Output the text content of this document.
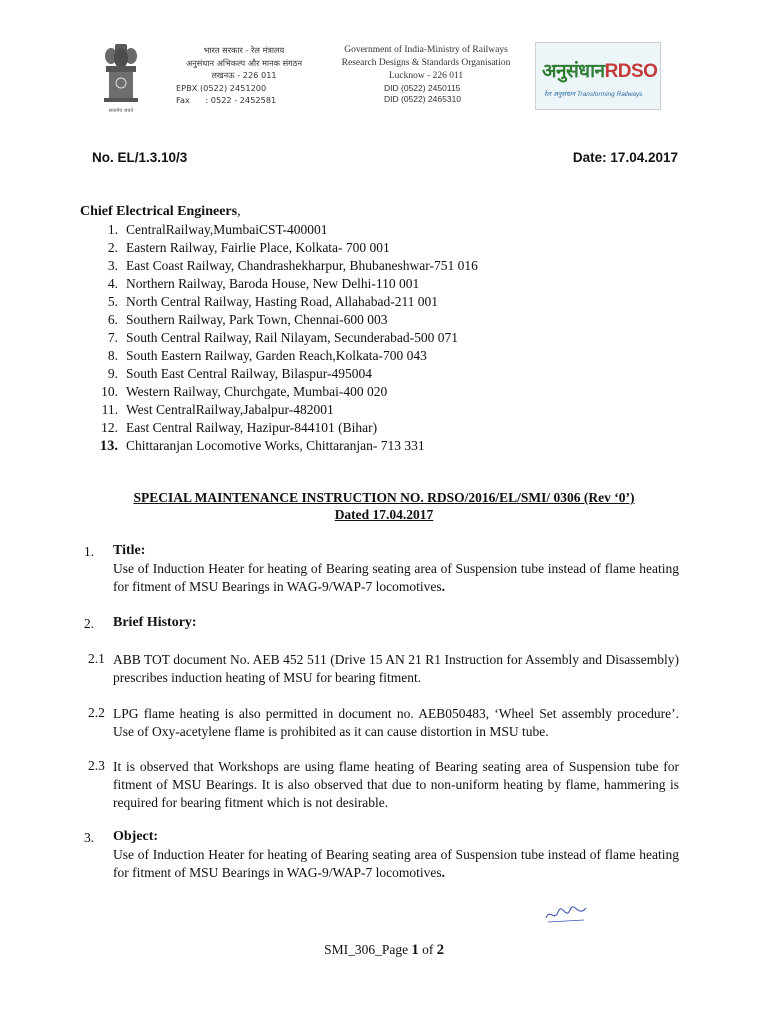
सत्यमेव जयते
भारत सरकार - रेल मंत्रालय
अनुसंधान अभिकल्प और मानक संगठन
लखनऊ - 226 011
EPBX (0522) 2451200
Fax      : 0522 - 2452581
Government of India-Ministry of Railways
Research Designs & Standards Organisation
Lucknow - 226 011
DID (0522) 2450115
DID (0522) 2465310
अनुसंधानRDSO
रेल अनुसंधान Transforming Railways
No. EL/1.3.10/3	Date: 17.04.2017
Chief Electrical Engineers,
1. CentralRailway,MumbaiCST-400001
2. Eastern Railway, Fairlie Place, Kolkata- 700 001
3. East Coast Railway, Chandrashekharpur, Bhubaneshwar-751 016
4. Northern Railway, Baroda House, New Delhi-110 001
5. North Central Railway, Hasting Road, Allahabad-211 001
6. Southern Railway, Park Town, Chennai-600 003
7. South Central Railway, Rail Nilayam, Secunderabad-500 071
8. South Eastern Railway, Garden Reach,Kolkata-700 043
9. South East Central Railway, Bilaspur-495004
10. Western Railway, Churchgate, Mumbai-400 020
11. West CentralRailway,Jabalpur-482001
12. East Central Railway, Hazipur-844101 (Bihar)
13. Chittaranjan Locomotive Works, Chittaranjan- 713 331
SPECIAL MAINTENANCE INSTRUCTION NO. RDSO/2016/EL/SMI/ 0306 (Rev ‘0’)
Dated 17.04.2017
1. Title:
Use of Induction Heater for heating of Bearing seating area of Suspension tube instead of flame heating for fitment of MSU Bearings in WAG-9/WAP-7 locomotives.
2. Brief History:
2.1 ABB TOT document No. AEB 452 511 (Drive 15 AN 21 R1 Instruction for Assembly and Disassembly) prescribes induction heating of MSU for bearing fitment.
2.2 LPG flame heating is also permitted in document no. AEB050483, ‘Wheel Set assembly procedure’. Use of Oxy-acetylene flame is prohibited as it can cause distortion in MSU tube.
2.3 It is observed that Workshops are using flame heating of Bearing seating area of Suspension tube for fitment of MSU Bearings. It is also observed that due to non-uniform heating by flame, hammering is required for bearing fitment which is not desirable.
3. Object:
Use of Induction Heater for heating of Bearing seating area of Suspension tube instead of flame heating for fitment of MSU Bearings in WAG-9/WAP-7 locomotives.
अ.सु.-1
SMI_306_Page 1 of 2
